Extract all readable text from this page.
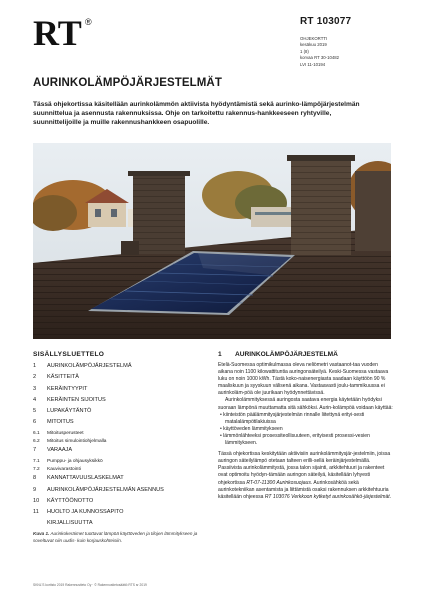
RT ®	RT 103077
OHJEKORTTI
kesäkuu 2019
1 (8)
korvaa RT 30-10482
LVI 11-10194
AURINKOLÄMPÖJÄRJESTELMÄT
Tässä ohjekortissa käsitellään aurinkolämmön aktiivista hyödyntämistä sekä aurinko-lämpöjärjestelmän suunnittelua ja asennusta rakennuksissa. Ohje on tarkoitettu rakennus-hankkeeseen ryhtyville, suunnittelijoille ja muille rakennushankkeen osapuolille.
SISÄLLYSLUETTELO
1	AURINKOLÄMPÖJÄRJESTELMÄ
2	KÄSITTEITÄ
3	KERÄINTYYPIT
4	KERÄINTEN SIJOITUS
5	LUPAKÄYTÄNTÖ
6	MITOITUS
6.1	Mitoitusperusteet
6.2	Mitoitus simulointiohjelmalla
7	VARAAJA
7.1	Pumppu- ja ohjausyksikkö
7.2	Kauvivarastointi
8	KANNATTAVUUSLASKELMAT
9	AURINKOLÄMPÖJÄRJESTELMÄN ASENNUS
10	KÄYTTÖÖNOTTO
11	HUOLTO JA KUNNOSSAPITO
KIRJALLISUUTTA
Kuva 1. Aurinkokeräimet tuottavat lämpöä käyttöveden ja tilojen lämmitykseen ja soveltuvat niin uudis- kuin korjauskohteisiin.
1	AURINKOLÄMPÖJÄRJESTELMÄ

Etelä-Suomessa optimikulmassa oleva neliömetri vastaanot-taa vuoden aikana noin 1100 kilowattituntia auringonsäteilyä. Keski-Suomessa vastaava luku on noin 1000 kWh. Tästä koko-naisenergiasta saadaan käyttöön 90 % maaliskuun ja syyskuun välisenä aikana. Vastaavasti joulu-tammikuussa ei aurinkoläm-pöä ole juurikaan hyödynnettävissä.

Aurinkolämmityksessä auringosta saatava energia käytetään hyödyksi suoraan lämpönä muuttamatta sitä sähköksi. Aurin-kolämpöä voidaan käyttää:

• kiinteistön päälämmitysjärjestelmän rinnalle liitettynä erityi-sesti matalalämpötilakiuissa
• käyttöveden lämmitykseen
• lämmönlähteeksi prosessiteollisuuteen, erityisesti prosessi-vesien lämmitykseen.

Tässä ohjekortissa keskitytään aktiivisiin aurinkolämmitysjär-jestelmiin, joissa auringon säteilylämpö otetaan talteen erilli-sellä keräinjärjestelmällä. Passiivista aurinkolämmitystä, jossa talon sijainti, arkkitehtuuri ja rakenteet ovat optimoitu hyödyn-tämään auringon säteilyä, käsitellään lyhyesti ohjekortissa RT-07-11300 Aurinkosuojaus. Aurinkosähköä sekä aurinkotekniikan asentamista ja liittämistä osaksi rakennuksen arkkitehtuuria käsitellään ohjeessa RT 103076 Verkkoon kytketyt aurinkosähkö-järjestelmät.

SKNL'S kortisto 2019 Rakennustieto Oy · © Rakennustietosäätiö RTS sr 2019
